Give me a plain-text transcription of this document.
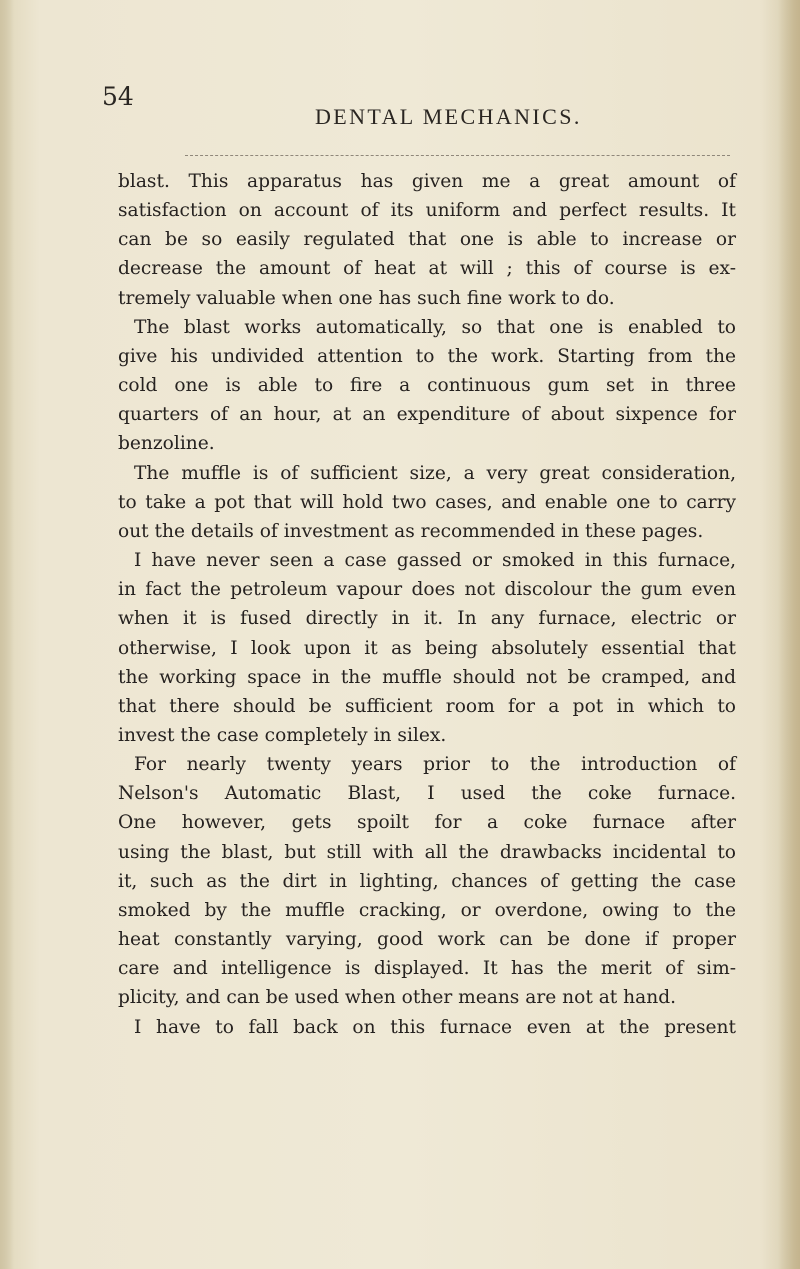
54
DENTAL MECHANICS.
blast. This apparatus has given me a great amount of
satisfaction on account of its uniform and perfect results. It
can be so easily regulated that one is able to increase or
decrease the amount of heat at will ; this of course is ex-
tremely valuable when one has such fine work to do.
The blast works automatically, so that one is enabled to
give his undivided attention to the work. Starting from the
cold one is able to fire a continuous gum set in three
quarters of an hour, at an expenditure of about sixpence for
benzoline.
The muffle is of sufficient size, a very great consideration,
to take a pot that will hold two cases, and enable one to carry
out the details of investment as recommended in these pages.
I have never seen a case gassed or smoked in this furnace,
in fact the petroleum vapour does not discolour the gum even
when it is fused directly in it. In any furnace, electric or
otherwise, I look upon it as being absolutely essential that
the working space in the muffle should not be cramped, and
that there should be sufficient room for a pot in which to
invest the case completely in silex.
For nearly twenty years prior to the introduction of
Nelson's Automatic Blast, I used the coke furnace.
One however, gets spoilt for a coke furnace after
using the blast, but still with all the drawbacks incidental to
it, such as the dirt in lighting, chances of getting the case
smoked by the muffle cracking, or overdone, owing to the
heat constantly varying, good work can be done if proper
care and intelligence is displayed. It has the merit of sim-
plicity, and can be used when other means are not at hand.
I have to fall back on this furnace even at the present
